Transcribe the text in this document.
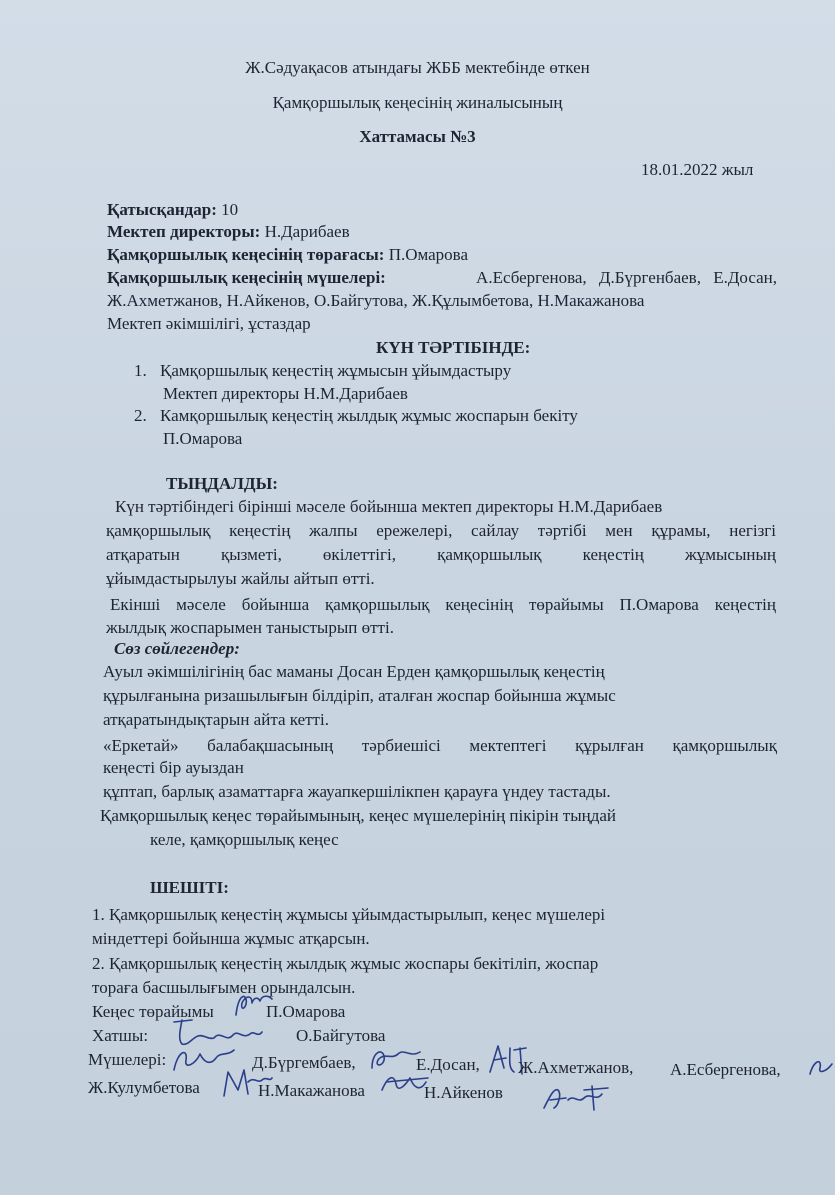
Ж.Сәдуақасов атындағы ЖББ мектебінде өткен
Қамқоршылық кеңесінің жиналысының
Хаттамасы №3
18.01.2022 жыл
Қатысқандар: 10
Мектеп директоры: Н.Дарибаев
Қамқоршылық кеңесінің төрағасы: П.Омарова
Қамқоршылық кеңесінің мүшелері:	А.Есбергенова, Д.Бүргенбаев, Е.Досан,
Ж.Ахметжанов, Н.Айкенов, О.Байгутова, Ж.Құлымбетова, Н.Макажанова
Мектеп әкімшілігі, ұстаздар
КҮН ТӘРТІБІНДЕ:
1. Қамқоршылық кеңестің жұмысын ұйымдастыру
Мектеп директоры Н.М.Дарибаев
2. Камқоршылық кеңестің жылдық жұмыс жоспарын бекіту
П.Омарова
ТЫҢДАЛДЫ:
Күн тәртібіндегі бірінші мәселе бойынша мектеп директоры Н.М.Дарибаев
қамқоршылық кеңестің жалпы ережелері, сайлау тәртібі мен құрамы, негізгі
атқаратын қызметі, өкілеттігі, қамқоршылық кеңестің жұмысының
ұйымдастырылуы жайлы айтып өтті.
Екінші мәселе бойынша қамқоршылық кеңесінің төрайымы П.Омарова кеңестің
жылдық жоспарымен таныстырып өтті.
Сөз сөйлегендер:
Ауыл әкімшілігінің бас маманы Досан Ерден қамқоршылық кеңестің
құрылғанына ризашылығын білдіріп, аталған жоспар бойынша жұмыс
атқаратындықтарын айта кетті.
«Еркетай» балабақшасының тәрбиешісі мектептегі құрылған қамқоршылық
кеңесті бір ауыздан
құптап, барлық азаматтарға жауапкершілікпен қарауға үндеу тастады.
Қамқоршылық кеңес төрайымының, кеңес мүшелерінің пікірін тыңдай
келе, қамқоршылық кеңес
ШЕШІТІ:
1. Қамқоршылық кеңестің жұмысы ұйымдастырылып, кеңес мүшелері
міндеттері бойынша жұмыс атқарсын.
2. Қамқоршылық кеңестің жылдық жұмыс жоспары бекітіліп, жоспар
тораға басшылығымен орындалсын.
Кеңес төрайымы	П.Омарова
Хатшы:	О.Байгутова
Мүшелері:	Д.Бүргембаев,	Е.Досан, Ж.Ахметжанов, А.Есбергенова,
Ж.Кулумбетова	Н.Макажанова	Н.Айкенов
